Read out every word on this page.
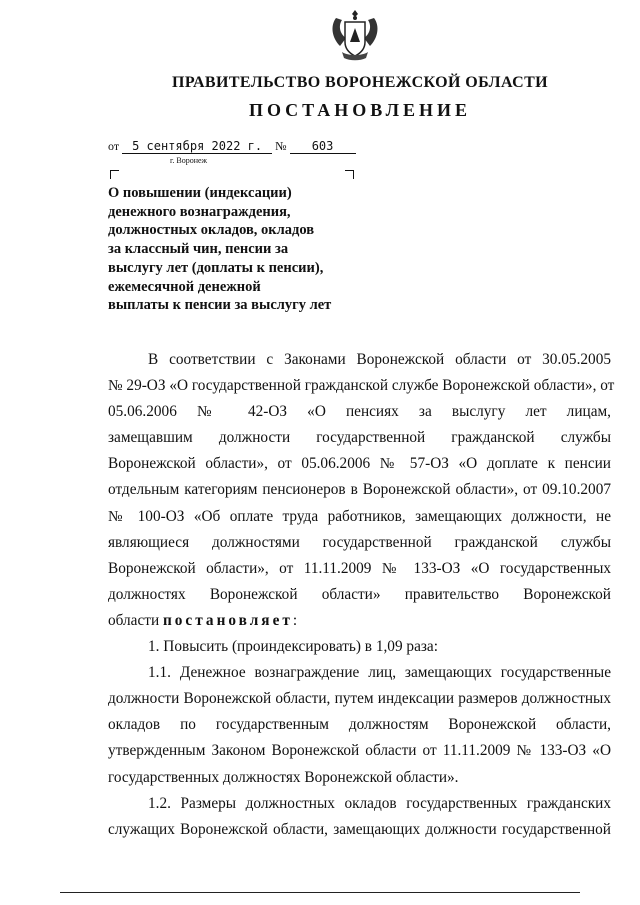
ПРАВИТЕЛЬСТВО ВОРОНЕЖСКОЙ ОБЛАСТИ
ПОСТАНОВЛЕНИЕ
от 5 сентября 2022 г. № 603
г. Воронеж
О повышении (индексации)
денежного вознаграждения,
должностных окладов, окладов
за классный чин, пенсии за
выслугу лет (доплаты к пенсии),
ежемесячной денежной
выплаты к пенсии за выслугу лет
В соответствии с Законами Воронежской области от 30.05.2005
№ 29-ОЗ «О государственной гражданской службе Воронежской области», от
05.06.2006 № 42-ОЗ «О пенсиях за выслугу лет лицам,
замещавшим должности государственной гражданской службы
Воронежской области», от 05.06.2006 № 57-ОЗ «О доплате к пенсии
отдельным категориям пенсионеров в Воронежской области», от 09.10.2007
№ 100-ОЗ «Об оплате труда работников, замещающих должности, не
являющиеся должностями государственной гражданской службы
Воронежской области», от 11.11.2009 № 133-ОЗ «О государственных
должностях Воронежской области» правительство Воронежской
области постановляет:
1. Повысить (проиндексировать) в 1,09 раза:
1.1. Денежное вознаграждение лиц, замещающих государственные
должности Воронежской области, путем индексации размеров должностных
окладов по государственным должностям Воронежской области,
утвержденным Законом Воронежской области от 11.11.2009 № 133-ОЗ «О
государственных должностях Воронежской области».
1.2. Размеры должностных окладов государственных гражданских
служащих Воронежской области, замещающих должности государственной
